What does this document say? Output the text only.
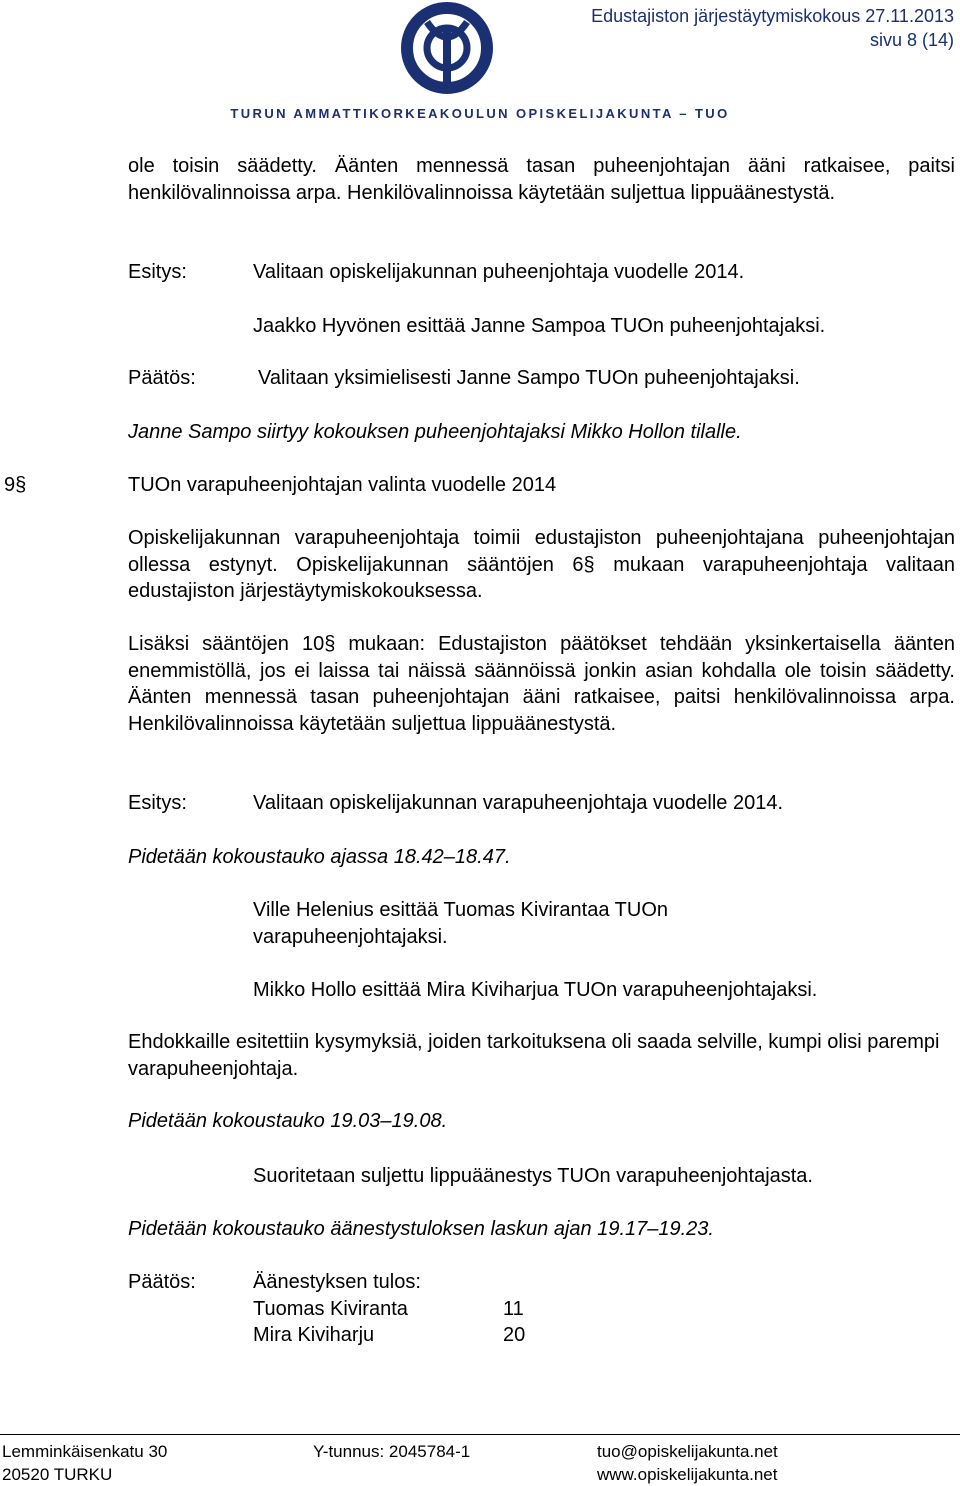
Edustajiston järjestäytymiskokous 27.11.2013
sivu 8 (14)
TURUN AMMATTIKORKEAKOULUN OPISKELIJAKUNTA – TUO
ole toisin säädetty. Äänten mennessä tasan puheenjohtajan ääni ratkaisee, paitsi henkilövalinnoissa arpa. Henkilövalinnoissa käytetään suljettua lippuäänestystä.
Esitys:	Valitaan opiskelijakunnan puheenjohtaja vuodelle 2014.
Jaakko Hyvönen esittää Janne Sampoa TUOn puheenjohtajaksi.
Päätös:	Valitaan yksimielisesti Janne Sampo TUOn puheenjohtajaksi.
Janne Sampo siirtyy kokouksen puheenjohtajaksi Mikko Hollon tilalle.
9§	TUOn varapuheenjohtajan valinta vuodelle 2014
Opiskelijakunnan varapuheenjohtaja toimii edustajiston puheenjohtajana puheenjohtajan ollessa estynyt. Opiskelijakunnan sääntöjen 6§ mukaan varapuheenjohtaja valitaan edustajiston järjestäytymiskokouksessa.
Lisäksi sääntöjen 10§ mukaan: Edustajiston päätökset tehdään yksinkertaisella äänten enemmistöllä, jos ei laissa tai näissä säännöissä jonkin asian kohdalla ole toisin säädetty. Äänten mennessä tasan puheenjohtajan ääni ratkaisee, paitsi henkilövalinnoissa arpa. Henkilövalinnoissa käytetään suljettua lippuäänestystä.
Esitys:	Valitaan opiskelijakunnan varapuheenjohtaja vuodelle 2014.
Pidetään kokoustauko ajassa 18.42–18.47.
Ville Helenius esittää Tuomas Kivirantaa TUOn varapuheenjohtajaksi.
Mikko Hollo esittää Mira Kiviharjua TUOn varapuheenjohtajaksi.
Ehdokkaille esitettiin kysymyksiä, joiden tarkoituksena oli saada selville, kumpi olisi parempi varapuheenjohtaja.
Pidetään kokoustauko 19.03–19.08.
Suoritetaan suljettu lippuäänestys TUOn varapuheenjohtajasta.
Pidetään kokoustauko äänestystuloksen laskun ajan 19.17–19.23.
Päätös:	Äänestyksen tulos:
Tuomas Kiviranta	11
Mira Kiviharju	20
Lemminkäisenkatu 30
20520 TURKU
Y-tunnus: 2045784-1	tuo@opiskelijakunta.net
www.opiskelijakunta.net
